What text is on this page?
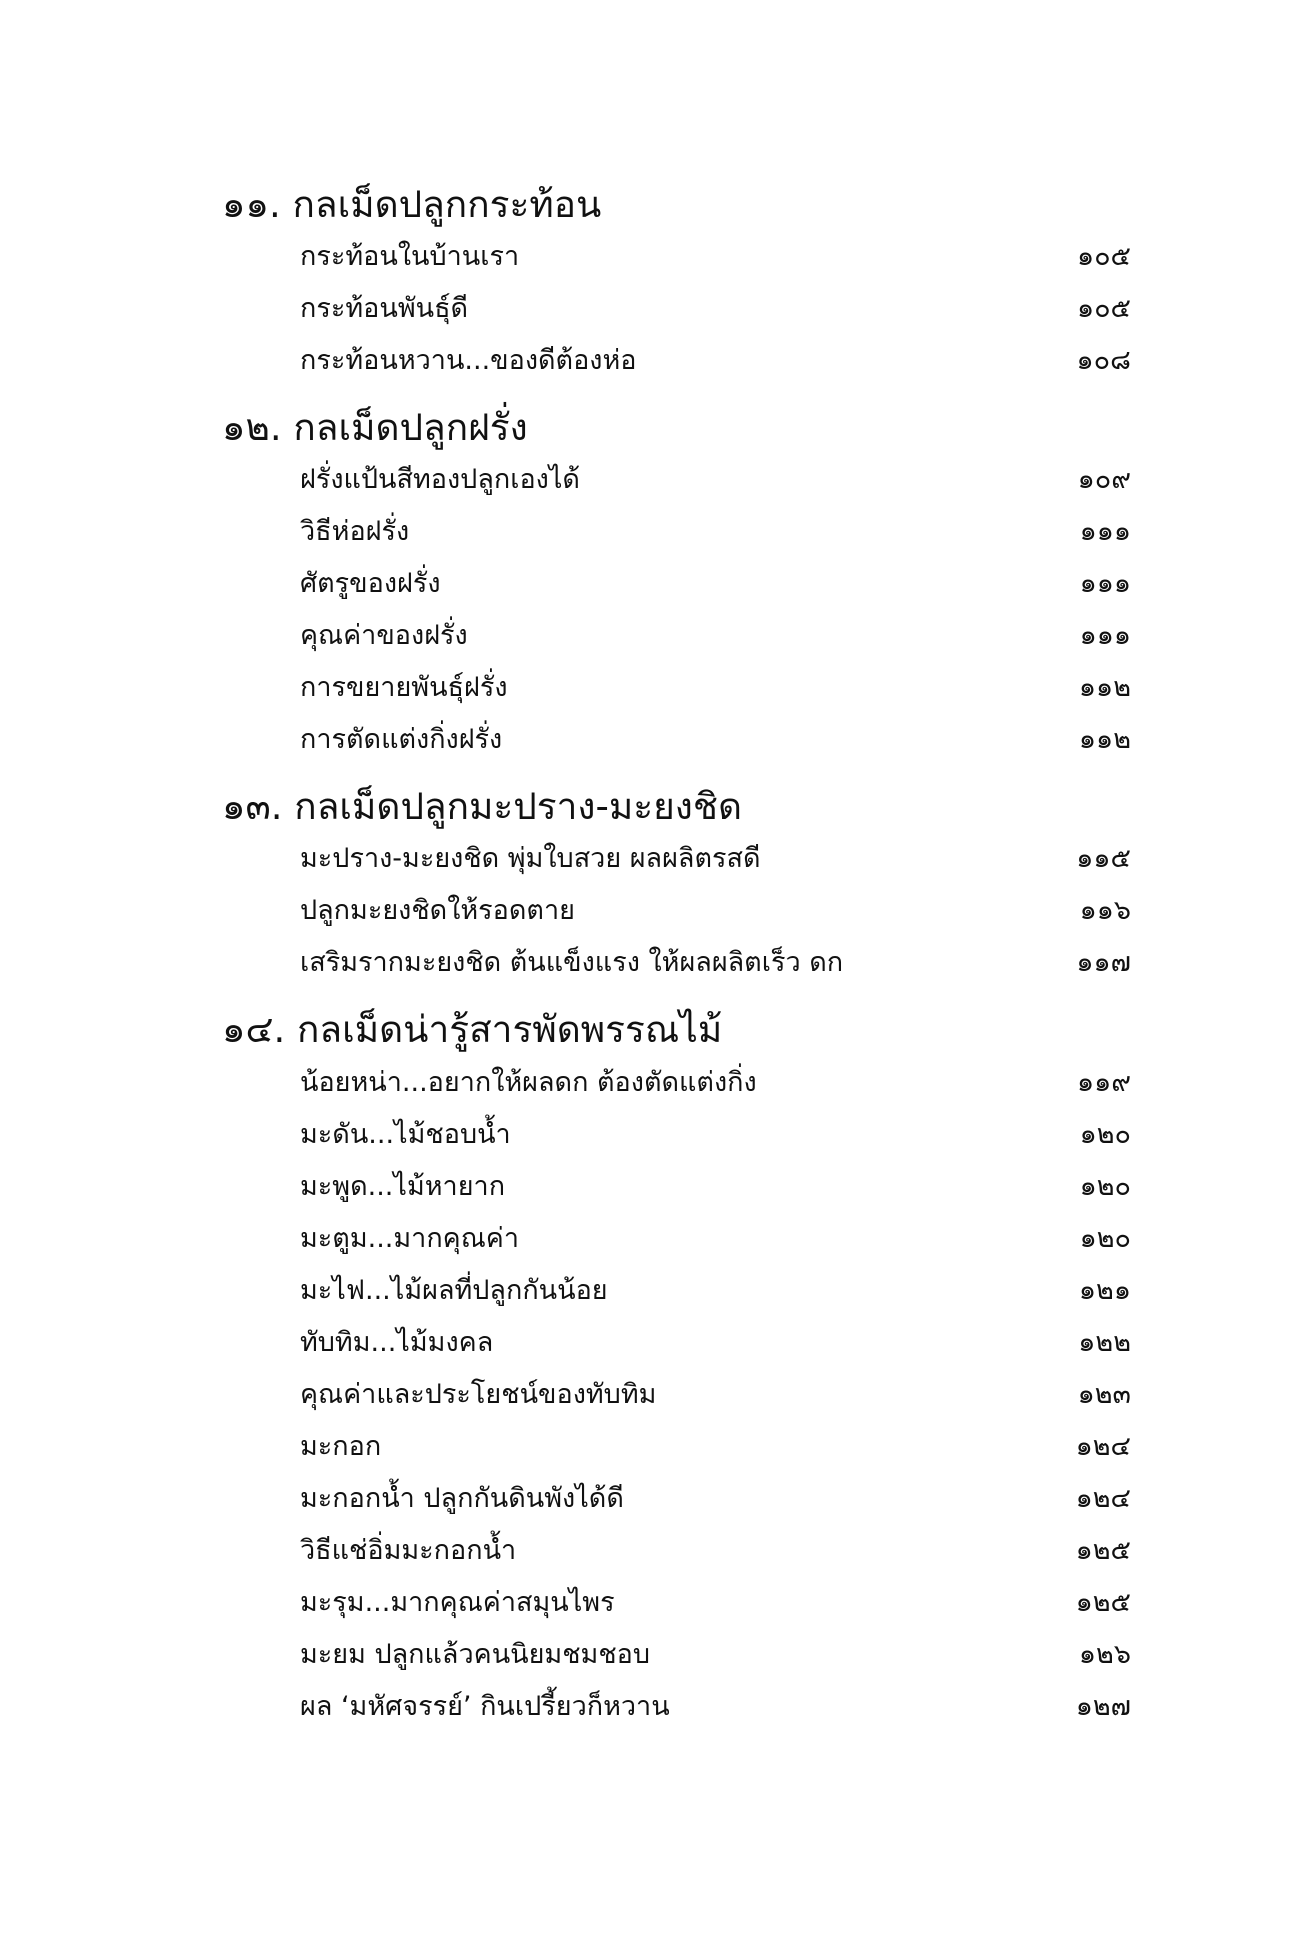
๑๑. กลเม็ดปลูกกระท้อน
กระท้อนในบ้านเรา	๑๐๕
กระท้อนพันธุ์ดี	๑๐๕
กระท้อนหวาน...ของดีต้องห่อ	๑๐๘
๑๒. กลเม็ดปลูกฝรั่ง
ฝรั่งแป้นสีทองปลูกเองได้	๑๐๙
วิธีห่อฝรั่ง	๑๑๑
ศัตรูของฝรั่ง	๑๑๑
คุณค่าของฝรั่ง	๑๑๑
การขยายพันธุ์ฝรั่ง	๑๑๒
การตัดแต่งกิ่งฝรั่ง	๑๑๒
๑๓. กลเม็ดปลูกมะปราง-มะยงชิด
มะปราง-มะยงชิด พุ่มใบสวย ผลผลิตรสดี	๑๑๕
ปลูกมะยงชิดให้รอดตาย	๑๑๖
เสริมรากมะยงชิด ต้นแข็งแรง ให้ผลผลิตเร็ว ดก	๑๑๗
๑๔. กลเม็ดน่ารู้สารพัดพรรณไม้
น้อยหน่า...อยากให้ผลดก ต้องตัดแต่งกิ่ง	๑๑๙
มะดัน...ไม้ชอบน้ำ	๑๒๐
มะพูด...ไม้หายาก	๑๒๐
มะตูม...มากคุณค่า	๑๒๐
มะไฟ...ไม้ผลที่ปลูกกันน้อย	๑๒๑
ทับทิม...ไม้มงคล	๑๒๒
คุณค่าและประโยชน์ของทับทิม	๑๒๓
มะกอก	๑๒๔
มะกอกน้ำ ปลูกกันดินพังได้ดี	๑๒๔
วิธีแช่อิ่มมะกอกน้ำ	๑๒๕
มะรุม...มากคุณค่าสมุนไพร	๑๒๕
มะยม ปลูกแล้วคนนิยมชมชอบ	๑๒๖
ผล ‘มหัศจรรย์’ กินเปรี้ยวก็หวาน	๑๒๗
